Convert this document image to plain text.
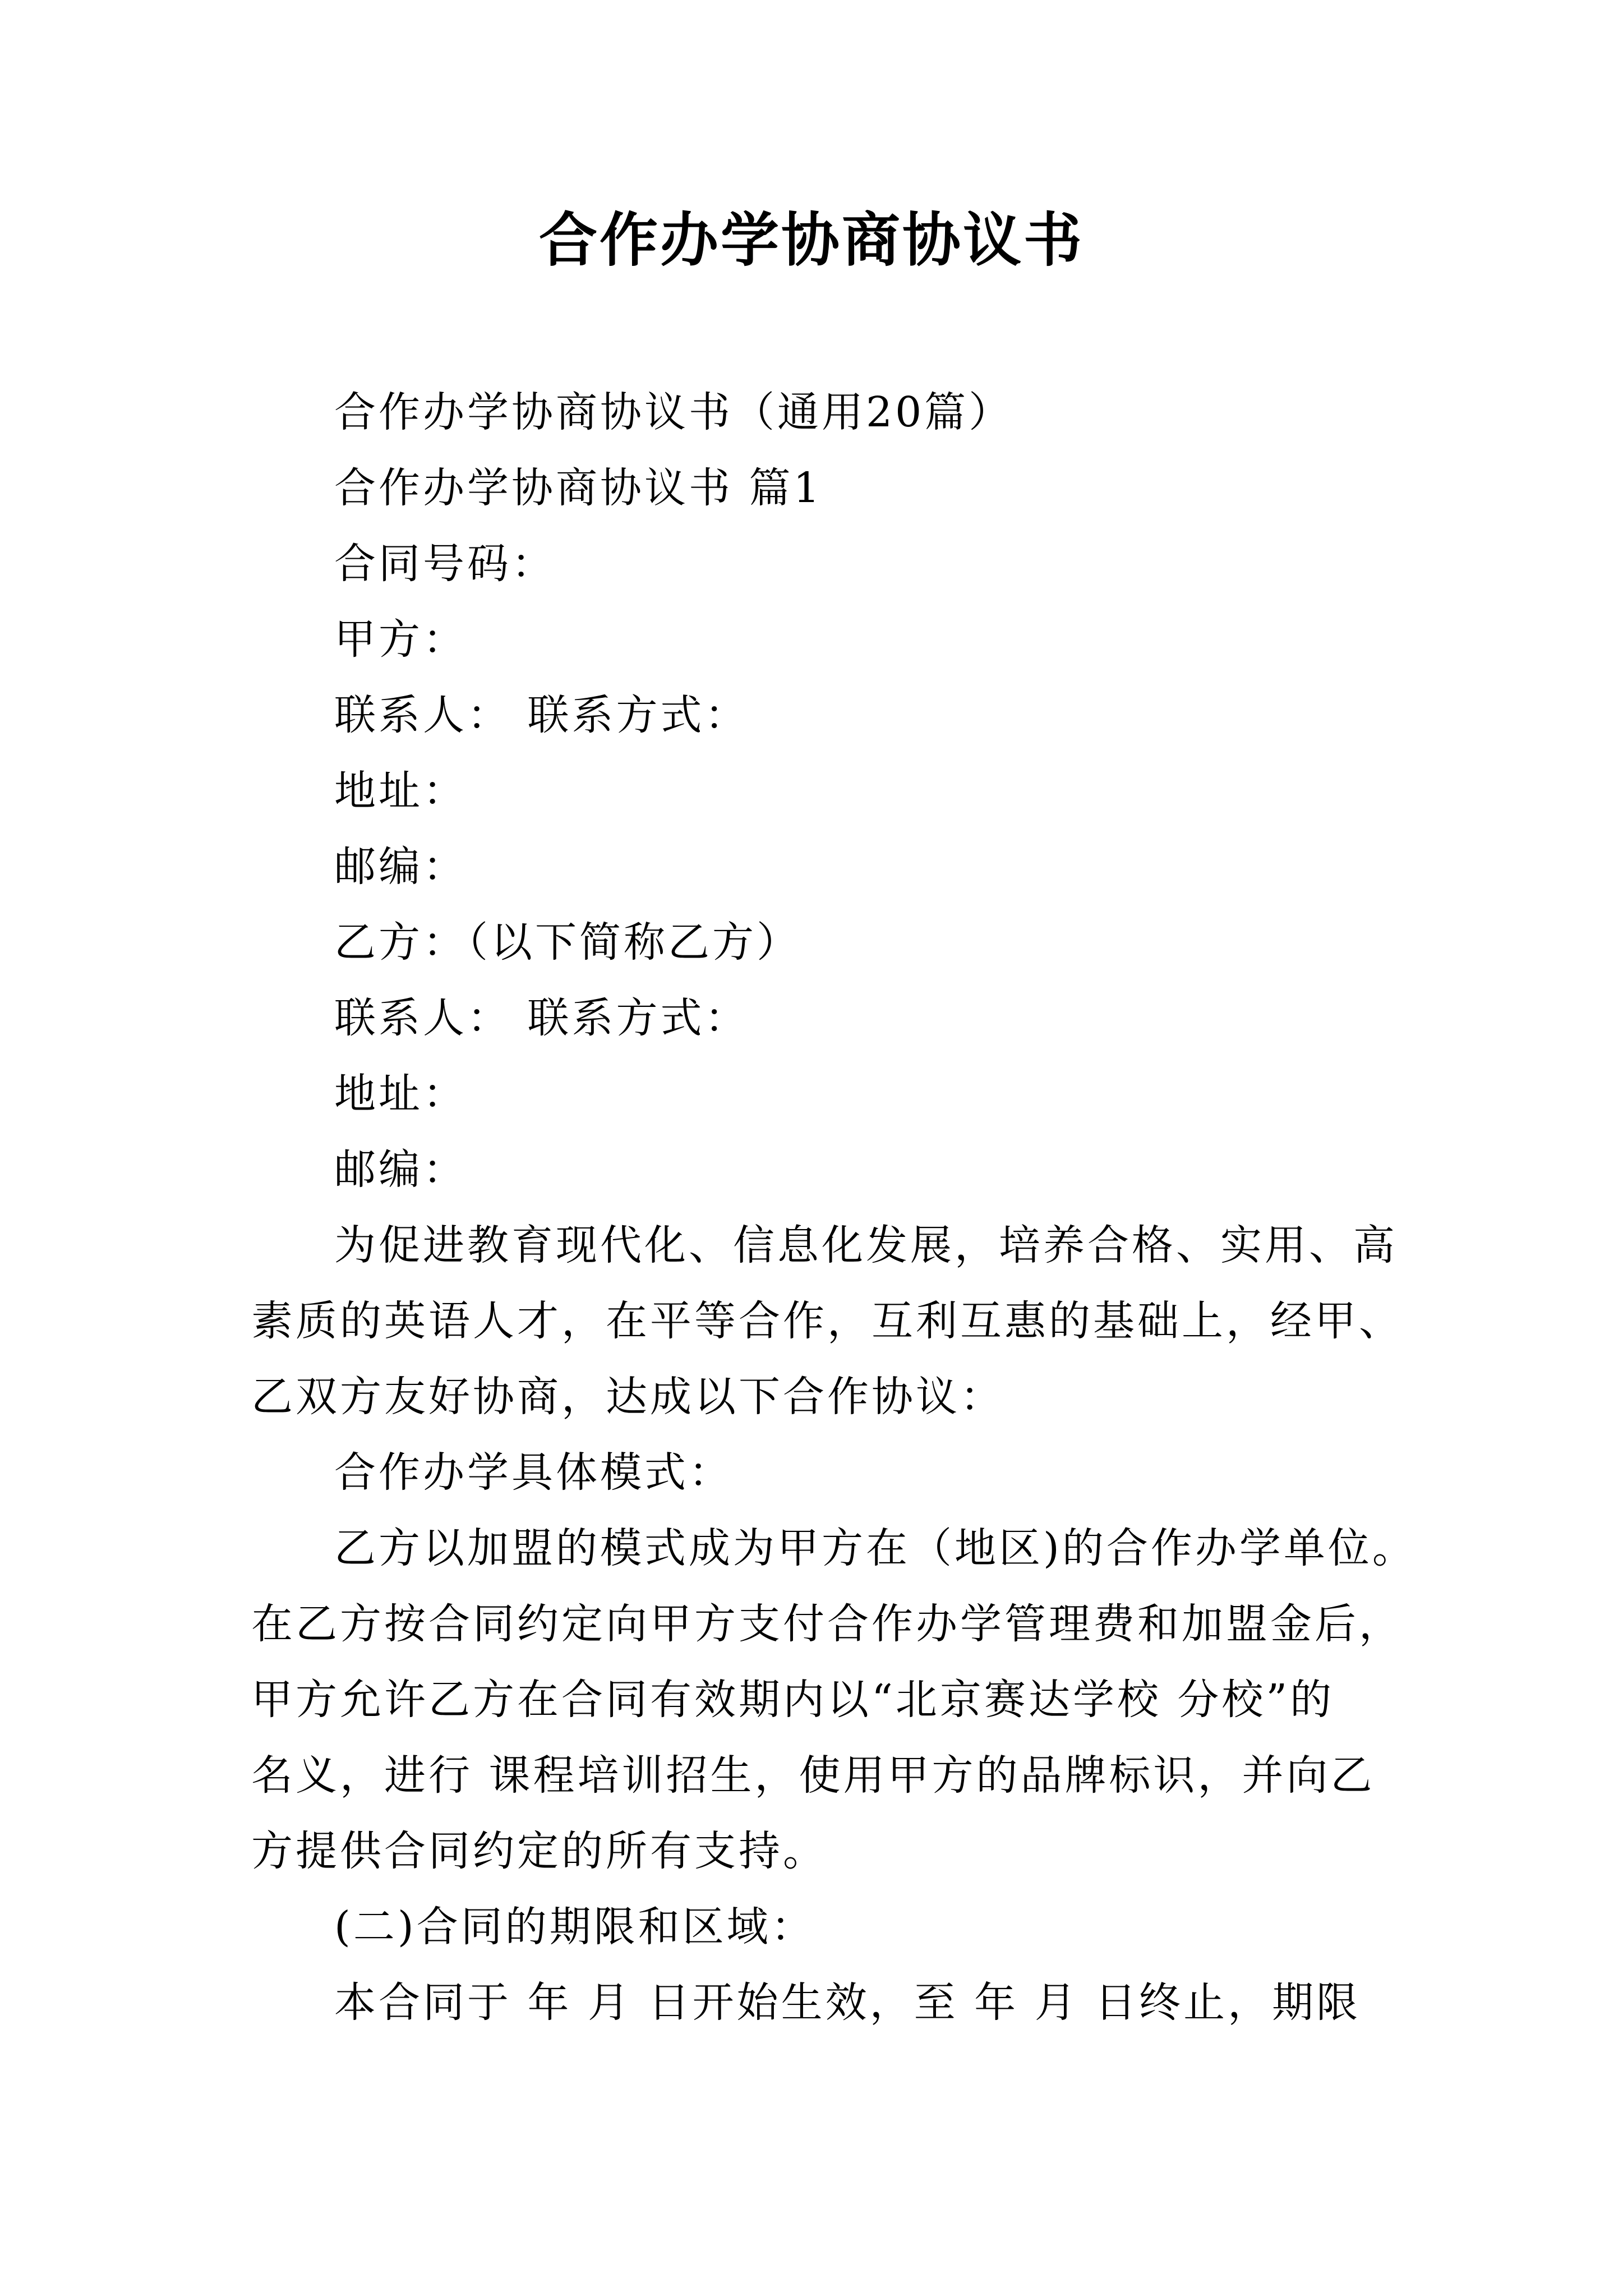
合作办学协商协议书
合作办学协商协议书（通用20篇）
合作办学协商协议书 篇1
合同号码：
甲方：
联系人： 联系方式：
地址：
邮编：
乙方：（以下简称乙方）
联系人： 联系方式：
地址：
邮编：
为促进教育现代化、信息化发展，培养合格、实用、高
素质的英语人才，在平等合作，互利互惠的基础上，经甲、
乙双方友好协商，达成以下合作协议：
合作办学具体模式：
乙方以加盟的模式成为甲方在（地区)的合作办学单位。
在乙方按合同约定向甲方支付合作办学管理费和加盟金后，
甲方允许乙方在合同有效期内以“北京赛达学校 分校”的
名义，进行 课程培训招生，使用甲方的品牌标识，并向乙
方提供合同约定的所有支持。
(二)合同的期限和区域：
本合同于 年 月 日开始生效，至 年 月 日终止，期限
